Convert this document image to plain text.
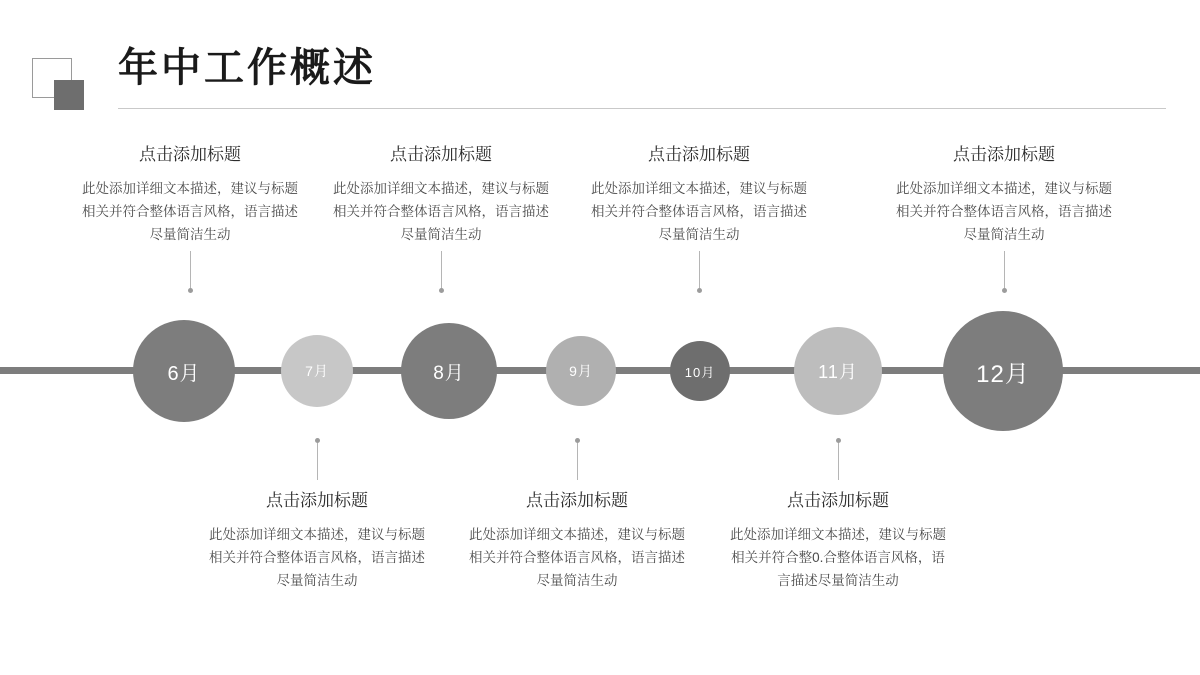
年中工作概述
6月	7月	8月	9月	10月	11月	12月
点击添加标题
此处添加详细文本描述，建议与标题相关并符合整体语言风格，语言描述尽量简洁生动
点击添加标题
此处添加详细文本描述，建议与标题相关并符合整体语言风格，语言描述尽量简洁生动
点击添加标题
此处添加详细文本描述，建议与标题相关并符合整体语言风格，语言描述尽量简洁生动
点击添加标题
此处添加详细文本描述，建议与标题相关并符合整体语言风格，语言描述尽量简洁生动
点击添加标题
此处添加详细文本描述，建议与标题相关并符合整体语言风格，语言描述尽量简洁生动
点击添加标题
此处添加详细文本描述，建议与标题相关并符合整体语言风格，语言描述尽量简洁生动
点击添加标题
此处添加详细文本描述，建议与标题相关并符合整0.合整体语言风格，语言描述尽量简洁生动
